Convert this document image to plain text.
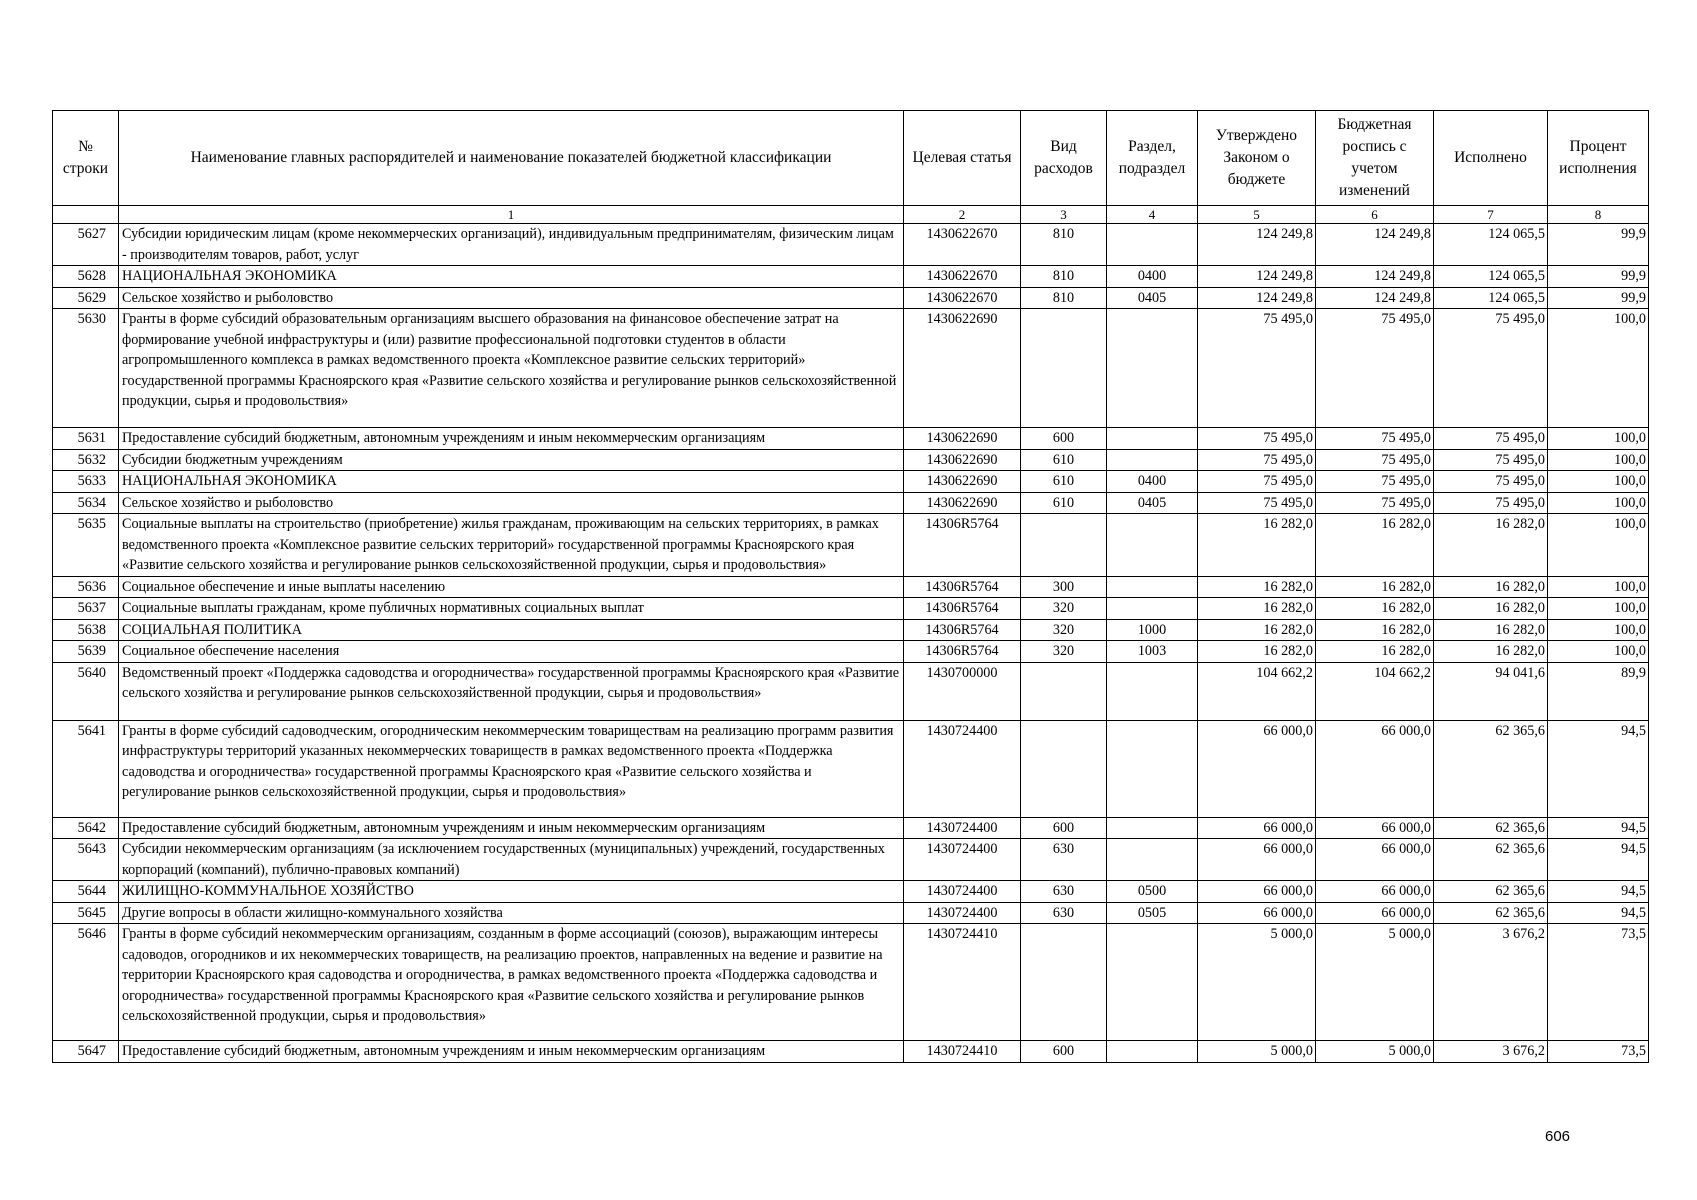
№ строки	Наименование главных распорядителей и наименование показателей бюджетной классификации	Целевая статья	Вид расходов	Раздел, подраздел	Утверждено Законом о бюджете	Бюджетная роспись с учетом изменений	Исполнено	Процент исполнения
	1	2	3	4	5	6	7	8
5627	Субсидии юридическим лицам (кроме некоммерческих организаций), индивидуальным предпринимателям, физическим лицам - производителям товаров, работ, услуг	1430622670	810		124 249,8	124 249,8	124 065,5	99,9
5628	НАЦИОНАЛЬНАЯ ЭКОНОМИКА	1430622670	810	0400	124 249,8	124 249,8	124 065,5	99,9
5629	Сельское хозяйство и рыболовство	1430622670	810	0405	124 249,8	124 249,8	124 065,5	99,9
5630	Гранты в форме субсидий образовательным организациям высшего образования на финансовое обеспечение затрат на формирование учебной инфраструктуры и (или) развитие профессиональной подготовки студентов в области агропромышленного комплекса в рамках ведомственного проекта «Комплексное развитие сельских территорий» государственной программы Красноярского края «Развитие сельского хозяйства и регулирование рынков сельскохозяйственной продукции, сырья и продовольствия»	1430622690			75 495,0	75 495,0	75 495,0	100,0
5631	Предоставление субсидий бюджетным, автономным учреждениям и иным некоммерческим организациям	1430622690	600		75 495,0	75 495,0	75 495,0	100,0
5632	Субсидии бюджетным учреждениям	1430622690	610		75 495,0	75 495,0	75 495,0	100,0
5633	НАЦИОНАЛЬНАЯ ЭКОНОМИКА	1430622690	610	0400	75 495,0	75 495,0	75 495,0	100,0
5634	Сельское хозяйство и рыболовство	1430622690	610	0405	75 495,0	75 495,0	75 495,0	100,0
5635	Социальные выплаты на строительство (приобретение) жилья гражданам, проживающим на сельских территориях, в рамках ведомственного проекта «Комплексное развитие сельских территорий» государственной программы Красноярского края «Развитие сельского хозяйства и регулирование рынков сельскохозяйственной продукции, сырья и продовольствия»	14306R5764			16 282,0	16 282,0	16 282,0	100,0
5636	Социальное обеспечение и иные выплаты населению	14306R5764	300		16 282,0	16 282,0	16 282,0	100,0
5637	Социальные выплаты гражданам, кроме публичных нормативных социальных выплат	14306R5764	320		16 282,0	16 282,0	16 282,0	100,0
5638	СОЦИАЛЬНАЯ ПОЛИТИКА	14306R5764	320	1000	16 282,0	16 282,0	16 282,0	100,0
5639	Социальное обеспечение населения	14306R5764	320	1003	16 282,0	16 282,0	16 282,0	100,0
5640	Ведомственный проект «Поддержка садоводства и огородничества» государственной программы Красноярского края «Развитие сельского хозяйства и регулирование рынков сельскохозяйственной продукции, сырья и продовольствия»	1430700000			104 662,2	104 662,2	94 041,6	89,9
5641	Гранты в форме субсидий садоводческим, огородническим некоммерческим товариществам на реализацию программ развития инфраструктуры территорий указанных некоммерческих товариществ в рамках ведомственного проекта «Поддержка садоводства и огородничества» государственной программы Красноярского края «Развитие сельского хозяйства и регулирование рынков сельскохозяйственной продукции, сырья и продовольствия»	1430724400			66 000,0	66 000,0	62 365,6	94,5
5642	Предоставление субсидий бюджетным, автономным учреждениям и иным некоммерческим организациям	1430724400	600		66 000,0	66 000,0	62 365,6	94,5
5643	Субсидии некоммерческим организациям (за исключением государственных (муниципальных) учреждений, государственных корпораций (компаний), публично-правовых компаний)	1430724400	630		66 000,0	66 000,0	62 365,6	94,5
5644	ЖИЛИЩНО-КОММУНАЛЬНОЕ ХОЗЯЙСТВО	1430724400	630	0500	66 000,0	66 000,0	62 365,6	94,5
5645	Другие вопросы в области жилищно-коммунального хозяйства	1430724400	630	0505	66 000,0	66 000,0	62 365,6	94,5
5646	Гранты в форме субсидий некоммерческим организациям, созданным в форме ассоциаций (союзов), выражающим интересы садоводов, огородников и их некоммерческих товариществ, на реализацию проектов, направленных на ведение и развитие на территории Красноярского края садоводства и огородничества, в рамках ведомственного проекта «Поддержка садоводства и огородничества» государственной программы Красноярского края «Развитие сельского хозяйства и регулирование рынков сельскохозяйственной продукции, сырья и продовольствия»	1430724410			5 000,0	5 000,0	3 676,2	73,5
5647	Предоставление субсидий бюджетным, автономным учреждениям и иным некоммерческим организациям	1430724410	600		5 000,0	5 000,0	3 676,2	73,5
606
